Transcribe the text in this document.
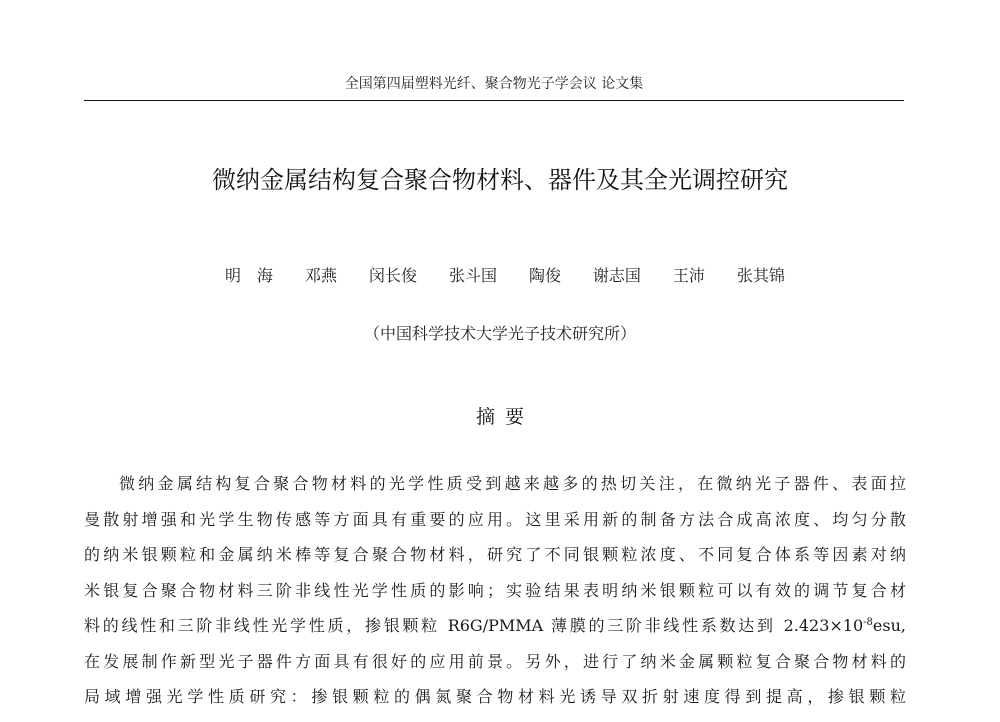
全国第四届塑料光纤、聚合物光子学会议 论文集
微纳金属结构复合聚合物材料、器件及其全光调控研究
明　海 邓燕 闵长俊 张斗国 陶俊 谢志国 王沛 张其锦
（中国科学技术大学光子技术研究所）
摘要
微纳金属结构复合聚合物材料的光学性质受到越来越多的热切关注，在微纳光子器件、表面拉
曼散射增强和光学生物传感等方面具有重要的应用。这里采用新的制备方法合成高浓度、均匀分散
的纳米银颗粒和金属纳米棒等复合聚合物材料，研究了不同银颗粒浓度、不同复合体系等因素对纳
米银复合聚合物材料三阶非线性光学性质的影响；实验结果表明纳米银颗粒可以有效的调节复合材
料的线性和三阶非线性光学性质，掺银颗粒 R6G/PMMA 薄膜的三阶非线性系数达到 $2.423\times 10^{-8}esu$,
在发展制作新型光子器件方面具有很好的应用前景。另外，进行了纳米金属颗粒复合聚合物材料的
局域增强光学性质研究：掺银颗粒的偶氮聚合物材料光诱导双折射速度得到提高，掺银颗粒
